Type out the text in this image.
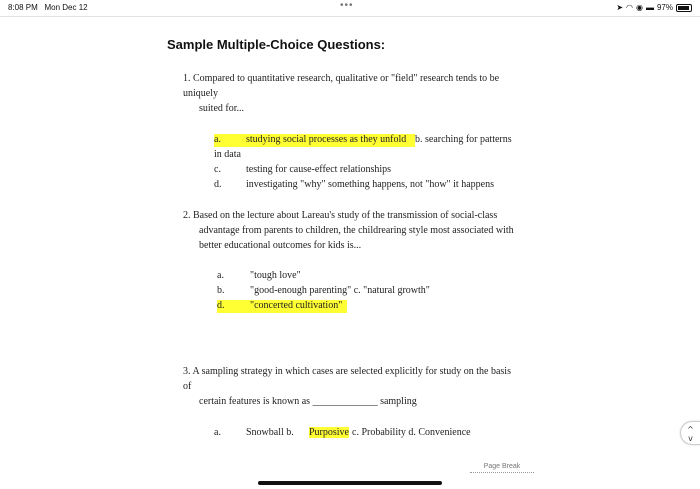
8:08 PM Mon Dec 12	•••	➤ ◠ ◉ ▬ 97%
Sample Multiple-Choice Questions:
1. Compared to quantitative research, qualitative or "field" research tends to be
uniquely
suited for...
a.	studying social processes as they unfold b. searching for patterns
in data
c.	testing for cause-effect relationships
d. investigating "why" something happens, not "how" it happens
2. Based on the lecture about Lareau's study of the transmission of social-class
advantage from parents to children, the childrearing style most associated with
better educational outcomes for kids is...
a.	"tough love"
b.	"good-enough parenting" c. "natural growth"
d.	"concerted cultivation"
3. A sampling strategy in which cases are selected explicitly for study on the basis
of
certain features is known as _____________ sampling
a.	Snowball b. Purposive c. Probability d. Convenience
Page Break
^
v
